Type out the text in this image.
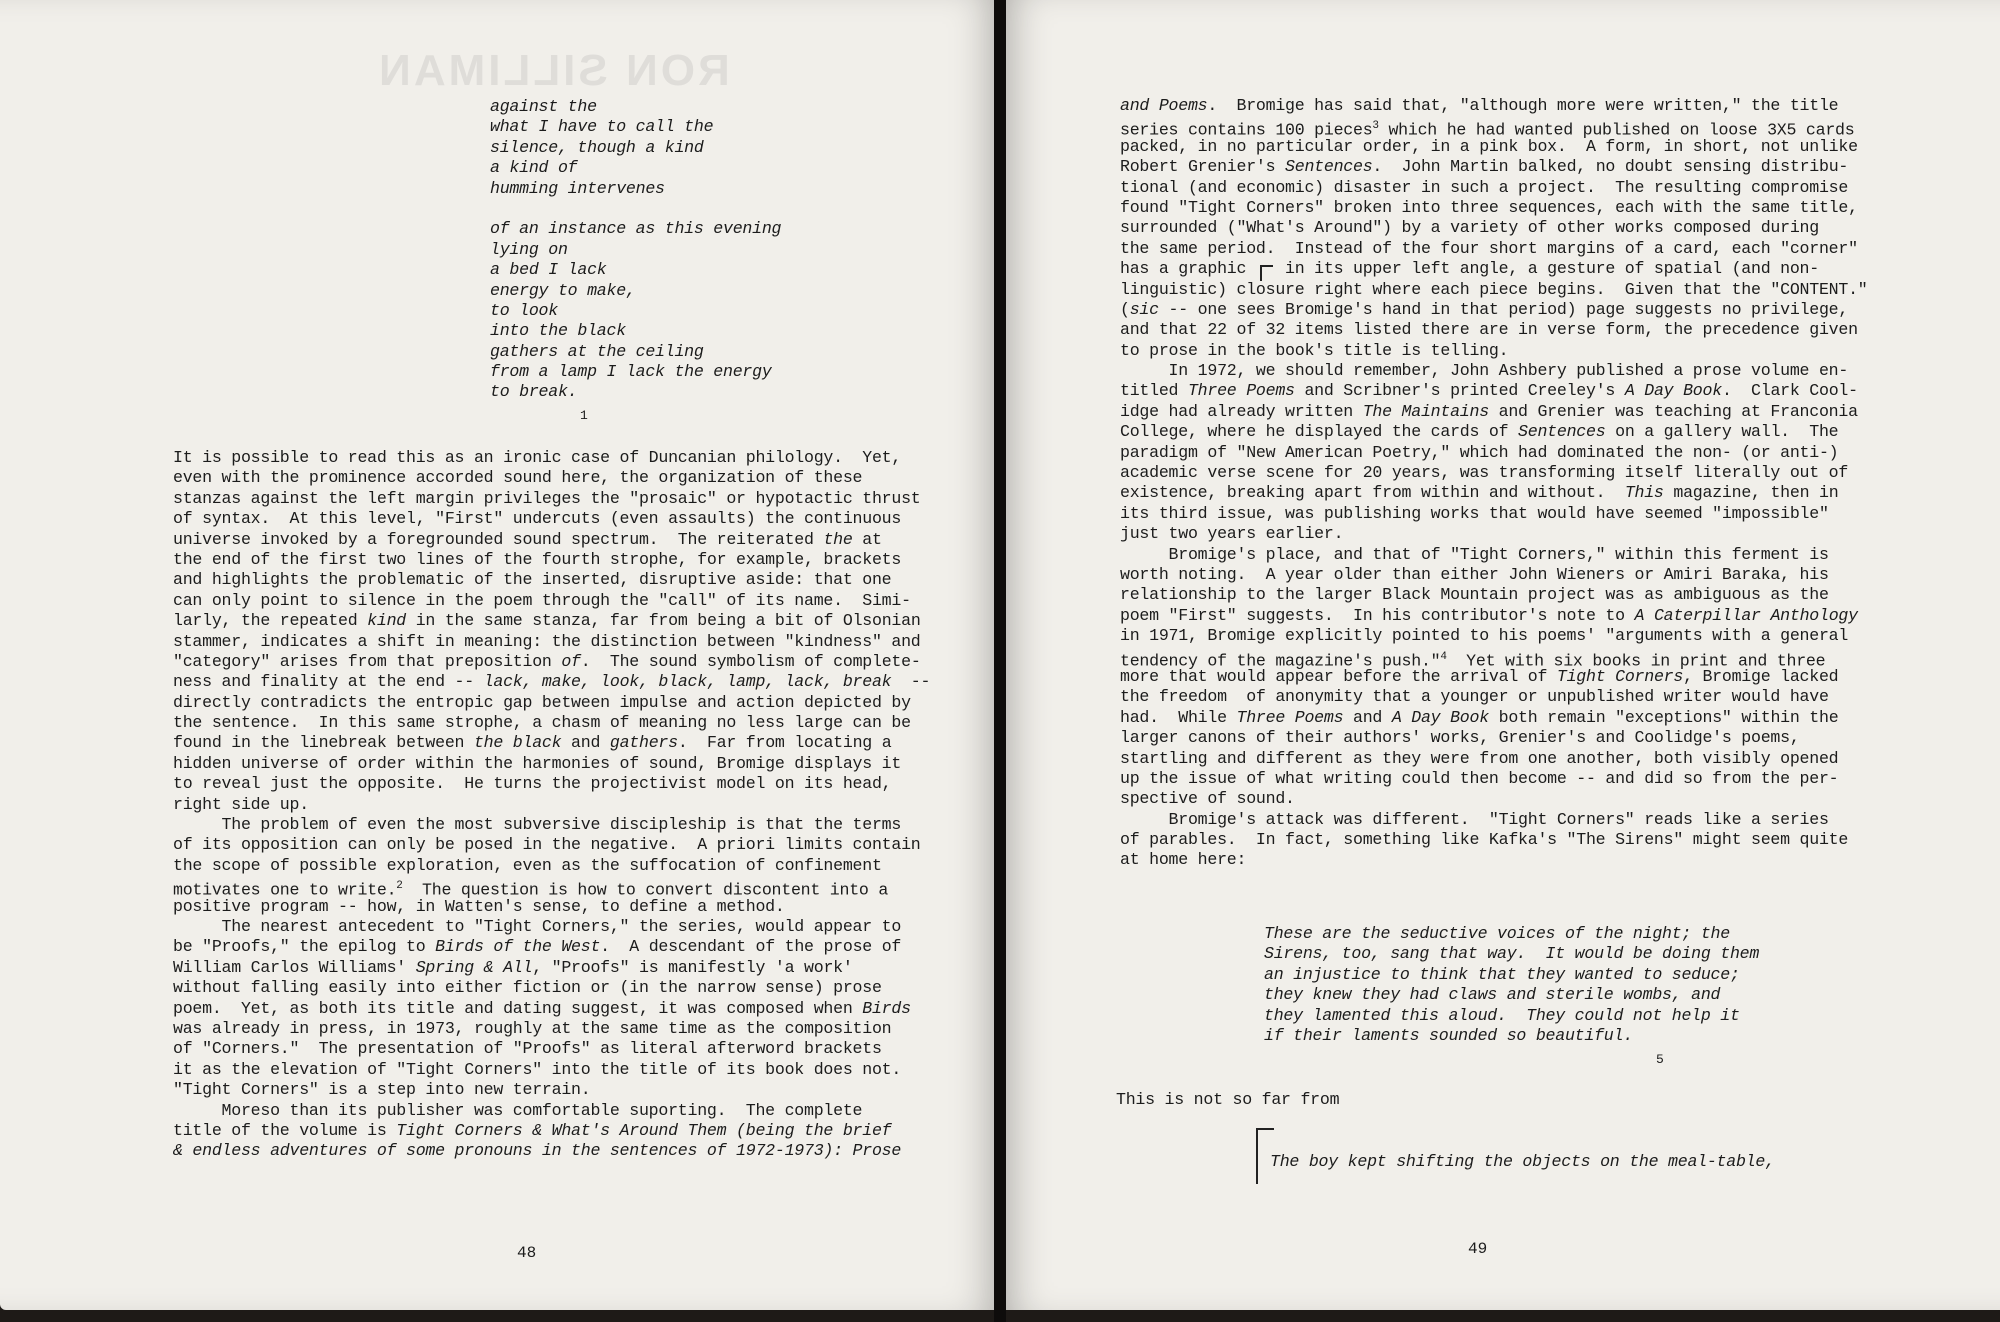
RON SILLIMAN
against the
what I have to call the
silence, though a kind
a kind of
humming intervenes
of an instance as this evening
lying on
a bed I lack
energy to make,
to look
into the black
gathers at the ceiling
from a lamp I lack the energy
to break.
1
It is possible to read this as an ironic case of Duncanian philology.  Yet,
even with the prominence accorded sound here, the organization of these
stanzas against the left margin privileges the "prosaic" or hypotactic thrust
of syntax.  At this level, "First" undercuts (even assaults) the continuous
universe invoked by a foregrounded sound spectrum.  The reiterated the at
the end of the first two lines of the fourth strophe, for example, brackets
and highlights the problematic of the inserted, disruptive aside: that one
can only point to silence in the poem through the "call" of its name.  Simi-
larly, the repeated kind in the same stanza, far from being a bit of Olsonian
stammer, indicates a shift in meaning: the distinction between "kindness" and
"category" arises from that preposition of.  The sound symbolism of complete-
ness and finality at the end -- lack, make, look, black, lamp, lack, break  --
directly contradicts the entropic gap between impulse and action depicted by
the sentence.  In this same strophe, a chasm of meaning no less large can be
found in the linebreak between the black and gathers.  Far from locating a
hidden universe of order within the harmonies of sound, Bromige displays it
to reveal just the opposite.  He turns the projectivist model on its head,
right side up.
The problem of even the most subversive discipleship is that the terms
of its opposition can only be posed in the negative.  A priori limits contain
the scope of possible exploration, even as the suffocation of confinement
motivates one to write.$^2$  The question is how to convert discontent into a
positive program -- how, in Watten's sense, to define a method.
The nearest antecedent to "Tight Corners," the series, would appear to
be "Proofs," the epilog to Birds of the West.  A descendant of the prose of
William Carlos Williams' Spring & All, "Proofs" is manifestly 'a work'
without falling easily into either fiction or (in the narrow sense) prose
poem.  Yet, as both its title and dating suggest, it was composed when Birds
was already in press, in 1973, roughly at the same time as the composition
of "Corners."  The presentation of "Proofs" as literal afterword brackets
it as the elevation of "Tight Corners" into the title of its book does not.
"Tight Corners" is a step into new terrain.
Moreso than its publisher was comfortable suporting.  The complete
title of the volume is Tight Corners & What's Around Them (being the brief
& endless adventures of some pronouns in the sentences of 1972-1973): Prose
48
and Poems.  Bromige has said that, "although more were written," the title
series contains 100 pieces$^3$ which he had wanted published on loose 3X5 cards
packed, in no particular order, in a pink box.  A form, in short, not unlike
Robert Grenier's Sentences.  John Martin balked, no doubt sensing distribu-
tional (and economic) disaster in such a project.  The resulting compromise
found "Tight Corners" broken into three sequences, each with the same title,
surrounded ("What's Around") by a variety of other works composed during
the same period.  Instead of the four short margins of a card, each "corner"
has a graphic    in its upper left angle, a gesture of spatial (and non-
linguistic) closure right where each piece begins.  Given that the "CONTENT."
(sic -- one sees Bromige's hand in that period) page suggests no privilege,
and that 22 of 32 items listed there are in verse form, the precedence given
to prose in the book's title is telling.
In 1972, we should remember, John Ashbery published a prose volume en-
titled Three Poems and Scribner's printed Creeley's A Day Book.  Clark Cool-
idge had already written The Maintains and Grenier was teaching at Franconia
College, where he displayed the cards of Sentences on a gallery wall.  The
paradigm of "New American Poetry," which had dominated the non- (or anti-)
academic verse scene for 20 years, was transforming itself literally out of
existence, breaking apart from within and without.  This magazine, then in
its third issue, was publishing works that would have seemed "impossible"
just two years earlier.
Bromige's place, and that of "Tight Corners," within this ferment is
worth noting.  A year older than either John Wieners or Amiri Baraka, his
relationship to the larger Black Mountain project was as ambiguous as the
poem "First" suggests.  In his contributor's note to A Caterpillar Anthology
in 1971, Bromige explicitly pointed to his poems' "arguments with a general
tendency of the magazine's push."$^4$  Yet with six books in print and three
more that would appear before the arrival of Tight Corners, Bromige lacked
the freedom  of anonymity that a younger or unpublished writer would have
had.  While Three Poems and A Day Book both remain "exceptions" within the
larger canons of their authors' works, Grenier's and Coolidge's poems,
startling and different as they were from one another, both visibly opened
up the issue of what writing could then become -- and did so from the per-
spective of sound.
Bromige's attack was different.  "Tight Corners" reads like a series
of parables.  In fact, something like Kafka's "The Sirens" might seem quite
at home here:
These are the seductive voices of the night; the
Sirens, too, sang that way.  It would be doing them
an injustice to think that they wanted to seduce;
they knew they had claws and sterile wombs, and
they lamented this aloud.  They could not help it
if their laments sounded so beautiful.
5
This is not so far from
The boy kept shifting the objects on the meal-table,
49
